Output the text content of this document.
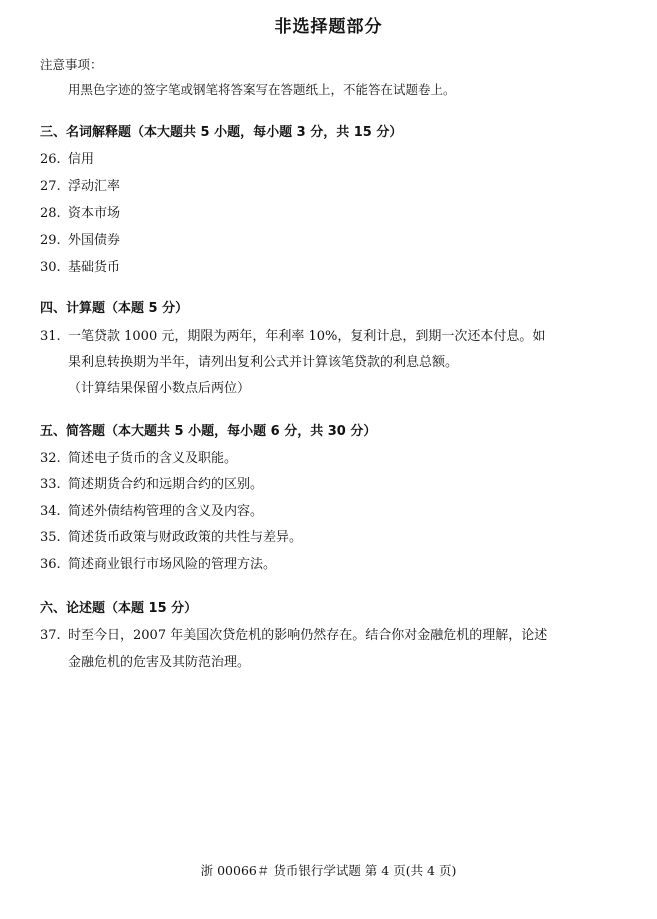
非选择题部分
注意事项：
用黑色字迹的签字笔或钢笔将答案写在答题纸上，不能答在试题卷上。
三、名词解释题（本大题共 5 小题，每小题 3 分，共 15 分）
26. 信用
27. 浮动汇率
28. 资本市场
29. 外国债券
30. 基础货币
四、计算题（本题 5 分）
31. 一笔贷款 1000 元，期限为两年，年利率 10%，复利计息，到期一次还本付息。如
果利息转换期为半年，请列出复利公式并计算该笔贷款的利息总额。
（计算结果保留小数点后两位）
五、简答题（本大题共 5 小题，每小题 6 分，共 30 分）
32. 简述电子货币的含义及职能。
33. 简述期货合约和远期合约的区别。
34. 简述外债结构管理的含义及内容。
35. 简述货币政策与财政政策的共性与差异。
36. 简述商业银行市场风险的管理方法。
六、论述题（本题 15 分）
37. 时至今日，2007 年美国次贷危机的影响仍然存在。结合你对金融危机的理解，论述
金融危机的危害及其防范治理。
浙 00066＃ 货币银行学试题 第 4 页(共 4 页)
